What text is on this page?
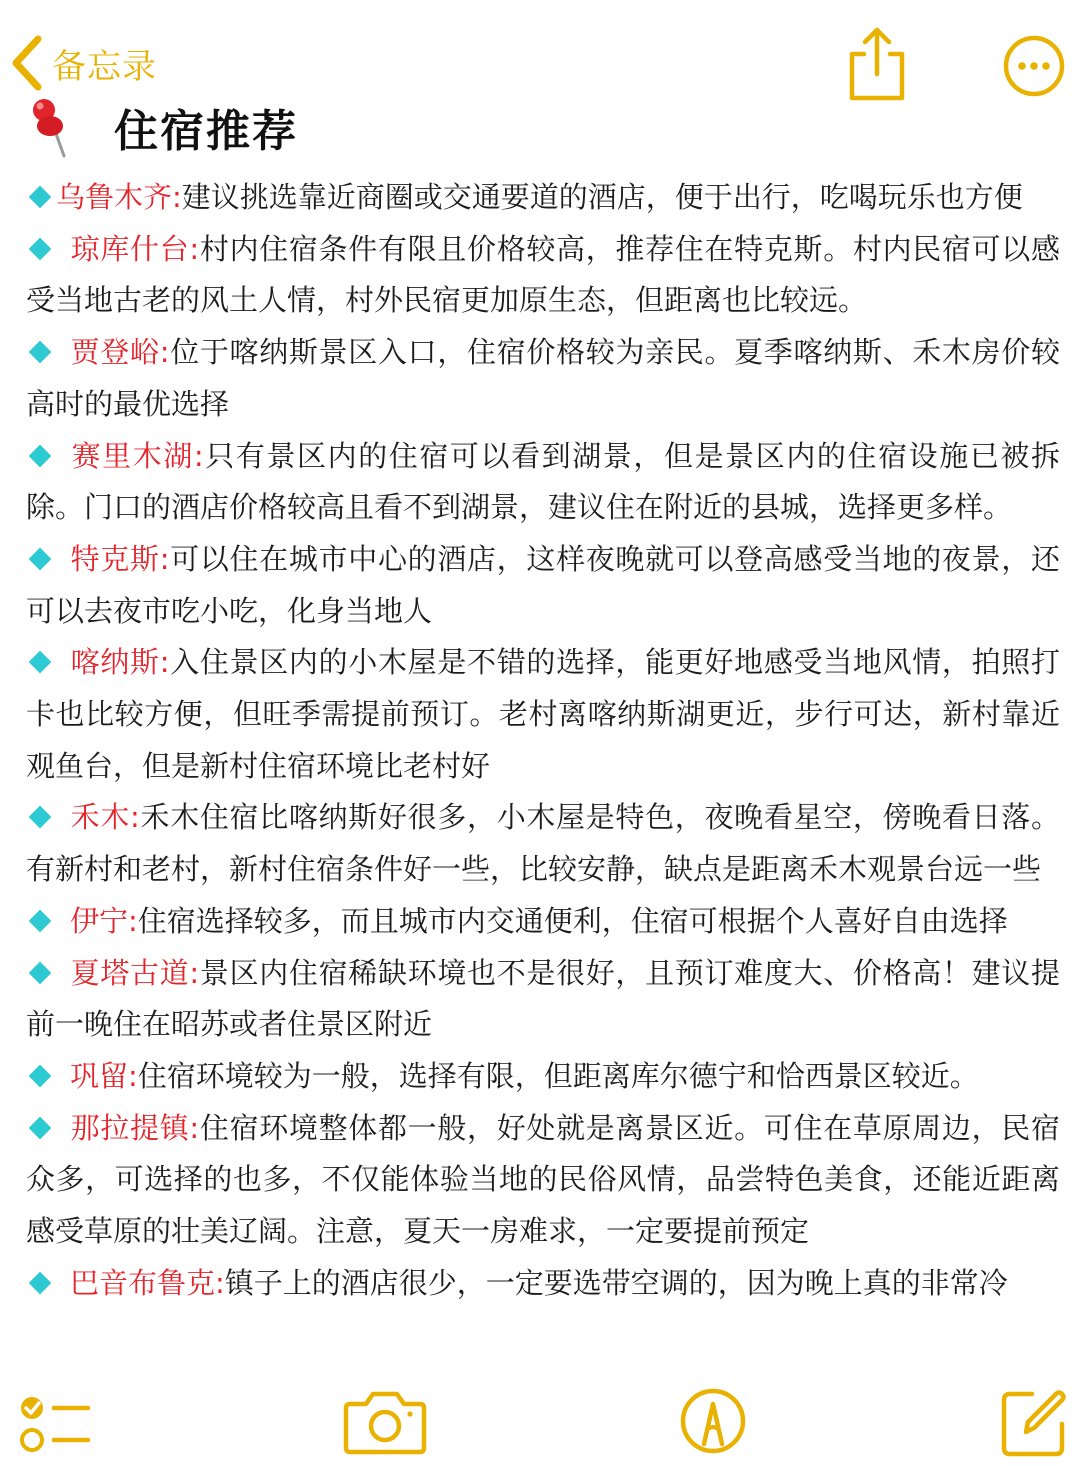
备忘录
住宿推荐
乌鲁木齐:建议挑选靠近商圈或交通要道的酒店，便于出行，吃喝玩乐也方便
琼库什台:村内住宿条件有限且价格较高，推荐住在特克斯。村内民宿可以感受当地古老的风土人情，村外民宿更加原生态，但距离也比较远。
贾登峪:位于喀纳斯景区入口，住宿价格较为亲民。夏季喀纳斯、禾木房价较高时的最优选择
赛里木湖:只有景区内的住宿可以看到湖景，但是景区内的住宿设施已被拆除。门口的酒店价格较高且看不到湖景，建议住在附近的县城，选择更多样。
特克斯:可以住在城市中心的酒店，这样夜晚就可以登高感受当地的夜景，还可以去夜市吃小吃，化身当地人
喀纳斯:入住景区内的小木屋是不错的选择，能更好地感受当地风情，拍照打卡也比较方便，但旺季需提前预订。老村离喀纳斯湖更近，步行可达，新村靠近观鱼台，但是新村住宿环境比老村好
禾木:禾木住宿比喀纳斯好很多，小木屋是特色，夜晚看星空，傍晚看日落。有新村和老村，新村住宿条件好一些，比较安静，缺点是距离禾木观景台远一些
伊宁:住宿选择较多，而且城市内交通便利，住宿可根据个人喜好自由选择
夏塔古道:景区内住宿稀缺环境也不是很好，且预订难度大、价格高！建议提前一晚住在昭苏或者住景区附近
巩留:住宿环境较为一般，选择有限，但距离库尔德宁和恰西景区较近。
那拉提镇:住宿环境整体都一般，好处就是离景区近。可住在草原周边，民宿众多，可选择的也多，不仅能体验当地的民俗风情，品尝特色美食，还能近距离感受草原的壮美辽阔。注意，夏天一房难求，一定要提前预定
巴音布鲁克:镇子上的酒店很少，一定要选带空调的，因为晚上真的非常冷
